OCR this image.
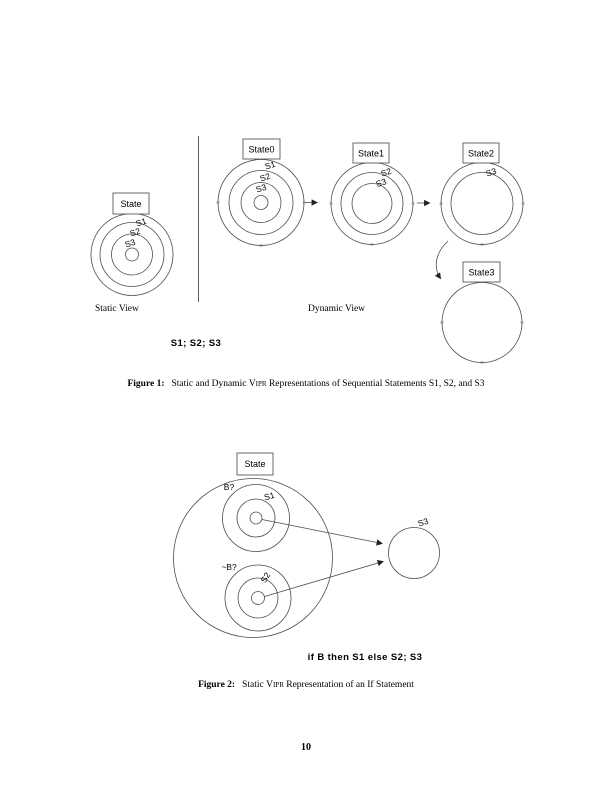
State
S1
S2
S3
State0
S1
S2
S3
State1
S2
S3
State2
S3
State3
State
B?
S1
~B?
S2
S3
Static View	Dynamic View
S1; S2; S3
Figure 1: Static and Dynamic Vipr Representations of Sequential Statements S1, S2, and S3
if B then S1 else S2; S3
Figure 2: Static Vipr Representation of an If Statement
10
